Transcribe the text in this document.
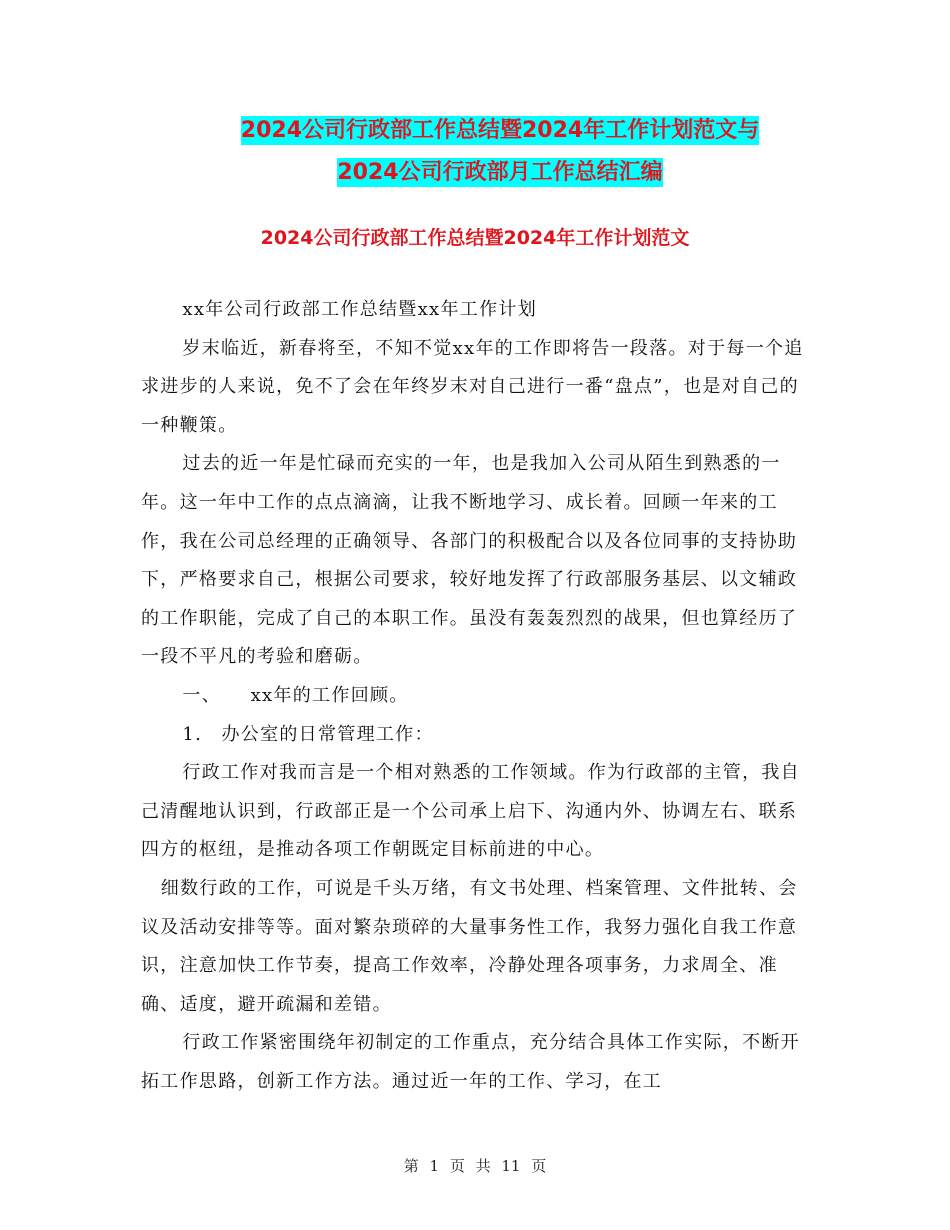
2024公司行政部工作总结暨2024年工作计划范文与
2024公司行政部月工作总结汇编
2024公司行政部工作总结暨2024年工作计划范文

xx年公司行政部工作总结暨xx年工作计划

岁末临近，新春将至，不知不觉xx年的工作即将告一段落。对于每一个追求进步的人来说，免不了会在年终岁末对自己进行一番“盘点”，也是对自己的一种鞭策。

过去的近一年是忙碌而充实的一年，也是我加入公司从陌生到熟悉的一年。这一年中工作的点点滴滴，让我不断地学习、成长着。回顾一年来的工作，我在公司总经理的正确领导、各部门的积极配合以及各位同事的支持协助下，严格要求自己，根据公司要求，较好地发挥了行政部服务基层、以文辅政的工作职能，完成了自己的本职工作。虽没有轰轰烈烈的战果，但也算经历了一段不平凡的考验和磨砺。

一、　　xx年的工作回顾。

1.　办公室的日常管理工作：

行政工作对我而言是一个相对熟悉的工作领域。作为行政部的主管，我自己清醒地认识到，行政部正是一个公司承上启下、沟通内外、协调左右、联系四方的枢纽，是推动各项工作朝既定目标前进的中心。

细数行政的工作，可说是千头万绪，有文书处理、档案管理、文件批转、会议及活动安排等等。面对繁杂琐碎的大量事务性工作，我努力强化自我工作意识，注意加快工作节奏，提高工作效率，冷静处理各项事务，力求周全、准确、适度，避开疏漏和差错。

行政工作紧密围绕年初制定的工作重点，充分结合具体工作实际，不断开拓工作思路，创新工作方法。通过近一年的工作、学习，在工

第 1 页 共 11 页
